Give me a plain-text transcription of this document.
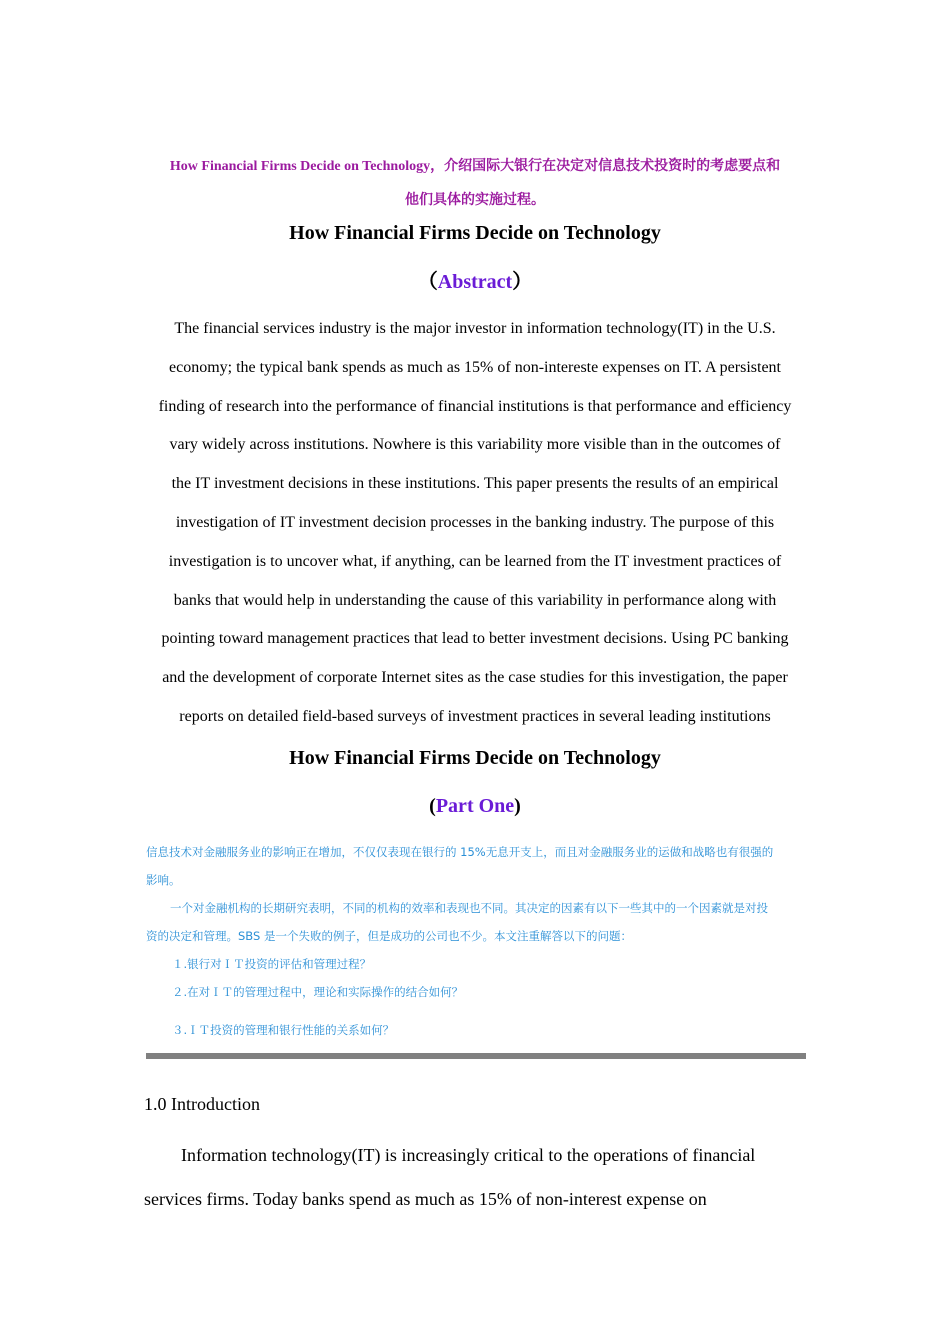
How Financial Firms Decide on Technology，介绍国际大银行在决定对信息技术投资时的考虑要点和
他们具体的实施过程。
How Financial Firms Decide on Technology
（Abstract）
The financial services industry is the major investor in information technology(IT) in the U.S.
economy; the typical bank spends as much as 15% of non-intereste expenses on IT. A persistent
finding of research into the performance of financial institutions is that performance and efficiency
vary widely across institutions. Nowhere is this variability more visible than in the outcomes of
the IT investment decisions in these institutions. This paper presents the results of an empirical
investigation of IT investment decision processes in the banking industry. The purpose of this
investigation is to uncover what, if anything, can be learned from the IT investment practices of
banks that would help in understanding the cause of this variability in performance along with
pointing toward management practices that lead to better investment decisions. Using PC banking
and the development of corporate Internet sites as the case studies for this investigation, the paper
reports on detailed field-based surveys of investment practices in several leading institutions
How Financial Firms Decide on Technology
(Part One)

信息技术对金融服务业的影响正在增加，不仅仅表现在银行的 15%无息开支上，而且对金融服务业的运做和战略也有很强的

影响。

一个对金融机构的长期研究表明，不同的机构的效率和表现也不同。其决定的因素有以下一些其中的一个因素就是对投

资的决定和管理。SBS 是一个失败的例子，但是成功的公司也不少。本文注重解答以下的问题：

１.银行对ＩＴ投资的评估和管理过程？

２.在对ＩＴ的管理过程中，理论和实际操作的结合如何？

３.ＩＴ投资的管理和银行性能的关系如何？

1.0 Introduction
Information technology(IT) is increasingly critical to the operations of financial
services firms. Today banks spend as much as 15% of non-interest expense on
